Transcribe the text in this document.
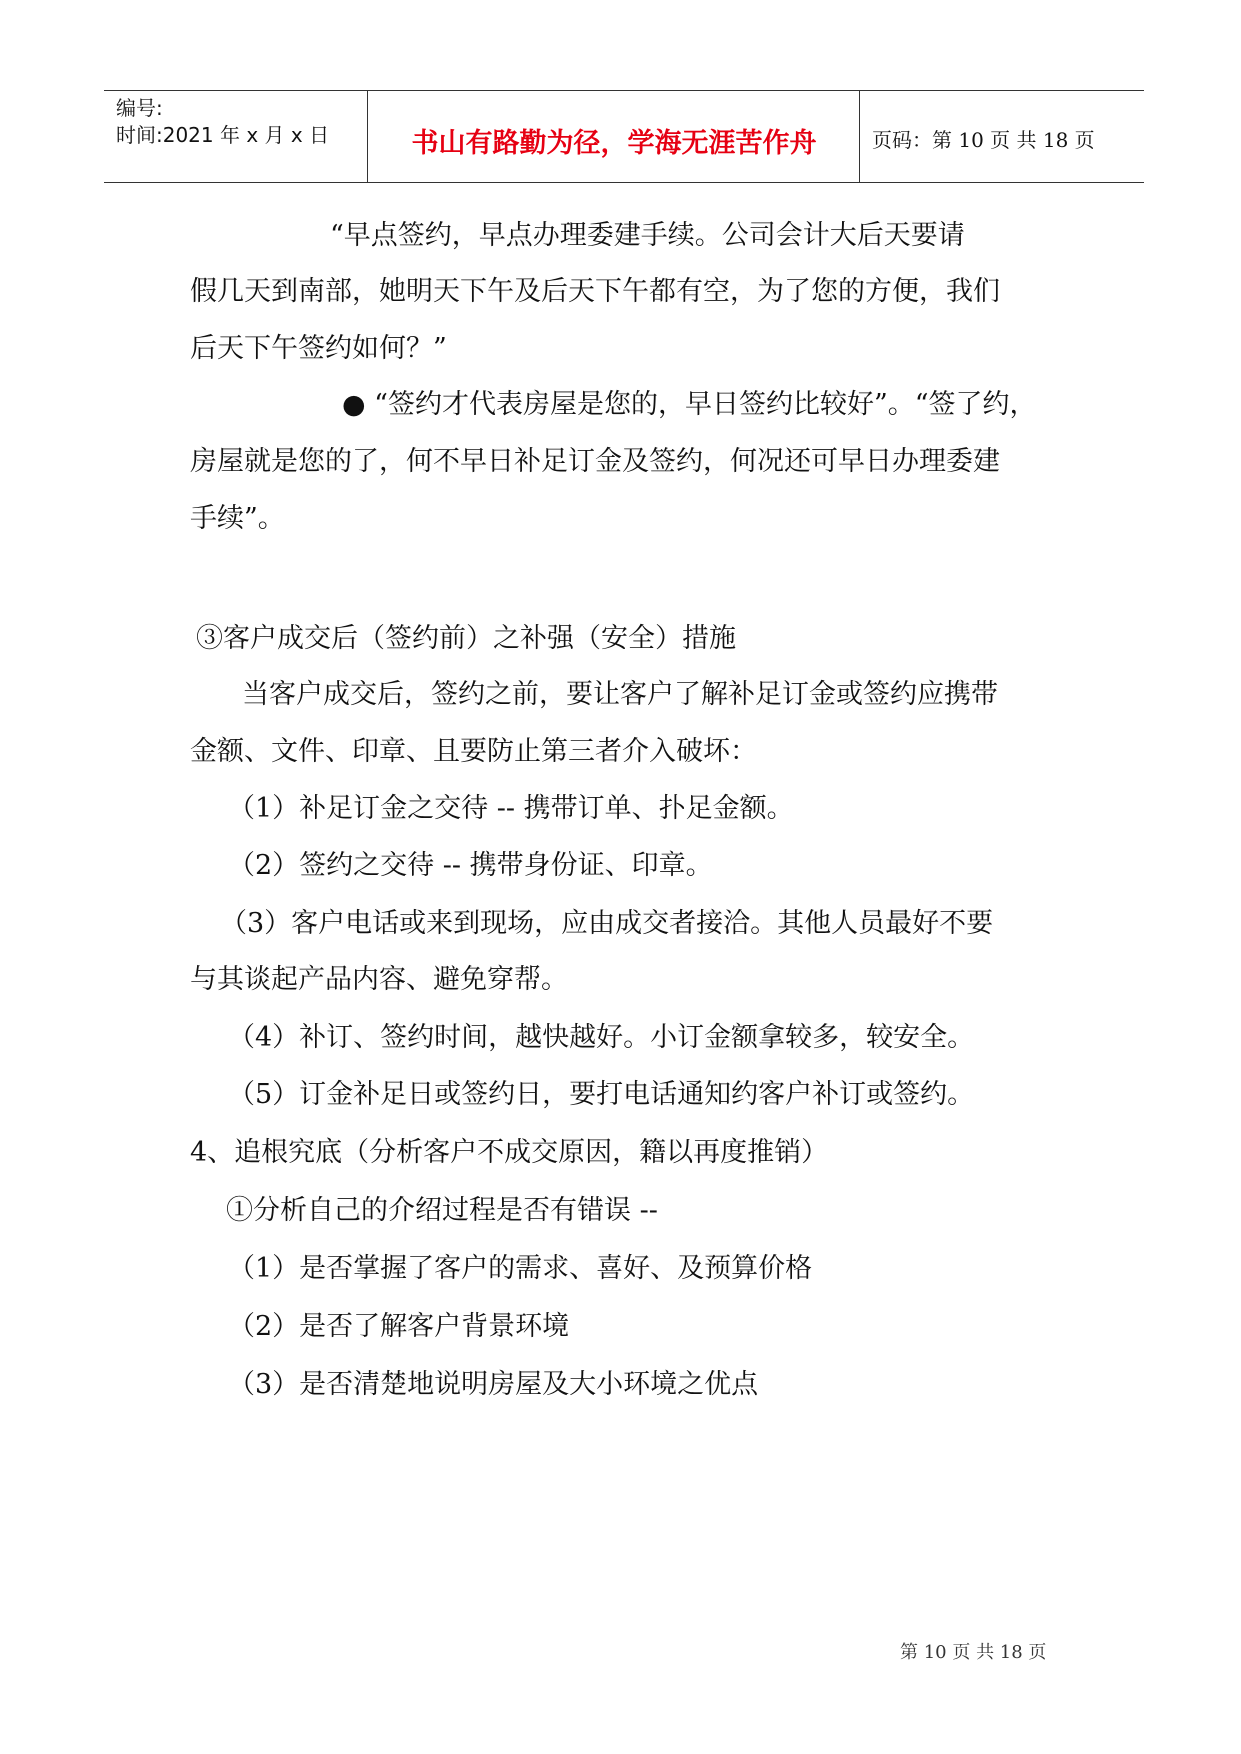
编号:
时间:2021 年 x 月 x 日	书山有路勤为径，学海无涯苦作舟	页码：第 10 页 共 18 页
“早点签约，早点办理委建手续。公司会计大后天要请
假几天到南部，她明天下午及后天下午都有空，为了您的方便，我们
后天下午签约如何？”
● “签约才代表房屋是您的，早日签约比较好”。“签了约，
房屋就是您的了，何不早日补足订金及签约，何况还可早日办理委建
手续”。
③客户成交后（签约前）之补强（安全）措施
当客户成交后，签约之前，要让客户了解补足订金或签约应携带
金额、文件、印章、且要防止第三者介入破坏：
（1）补足订金之交待 -- 携带订单、扑足金额。
（2）签约之交待 -- 携带身份证、印章。
（3）客户电话或来到现场，应由成交者接洽。其他人员最好不要
与其谈起产品内容、避免穿帮。
（4）补订、签约时间，越快越好。小订金额拿较多，较安全。
（5）订金补足日或签约日，要打电话通知约客户补订或签约。
4、追根究底（分析客户不成交原因，籍以再度推销）
①分析自己的介绍过程是否有错误 --
（1）是否掌握了客户的需求、喜好、及预算价格
（2）是否了解客户背景环境
（3）是否清楚地说明房屋及大小环境之优点
第 10 页 共 18 页
